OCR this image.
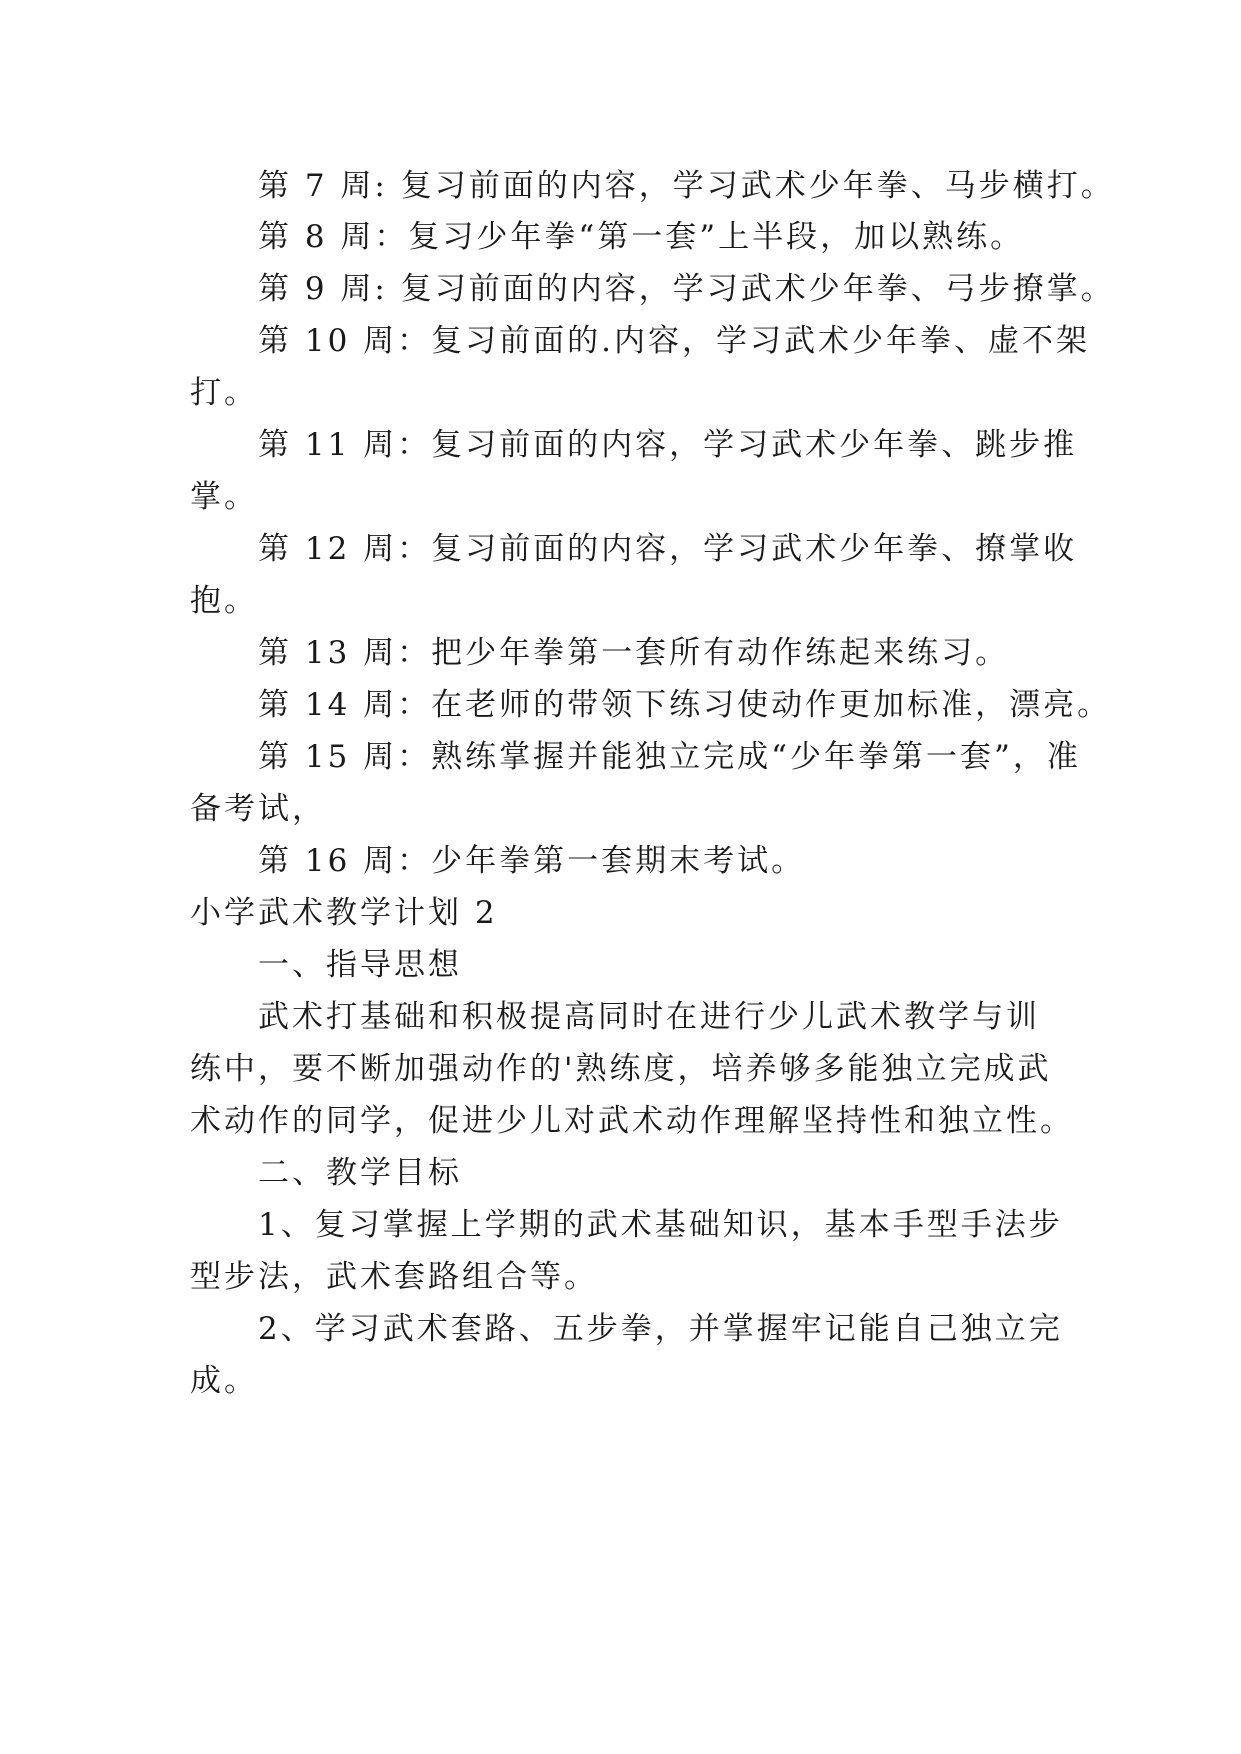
第 7 周: 复习前面的内容，学习武术少年拳、马步横打。
第 8 周：复习少年拳“第一套”上半段，加以熟练。
第 9 周: 复习前面的内容，学习武术少年拳、弓步撩掌。
第 10 周：复习前面的.内容，学习武术少年拳、虚不架
打。
第 11 周：复习前面的内容，学习武术少年拳、跳步推
掌。
第 12 周：复习前面的内容，学习武术少年拳、撩掌收
抱。
第 13 周：把少年拳第一套所有动作练起来练习。
第 14 周：在老师的带领下练习使动作更加标准，漂亮。
第 15 周：熟练掌握并能独立完成“少年拳第一套”，准
备考试，
第 16 周：少年拳第一套期末考试。
小学武术教学计划 2
一、指导思想
武术打基础和积极提高同时在进行少儿武术教学与训
练中，要不断加强动作的'熟练度，培养够多能独立完成武
术动作的同学，促进少儿对武术动作理解坚持性和独立性。
二、教学目标
1、复习掌握上学期的武术基础知识，基本手型手法步
型步法，武术套路组合等。
2、学习武术套路、五步拳，并掌握牢记能自己独立完
成。
